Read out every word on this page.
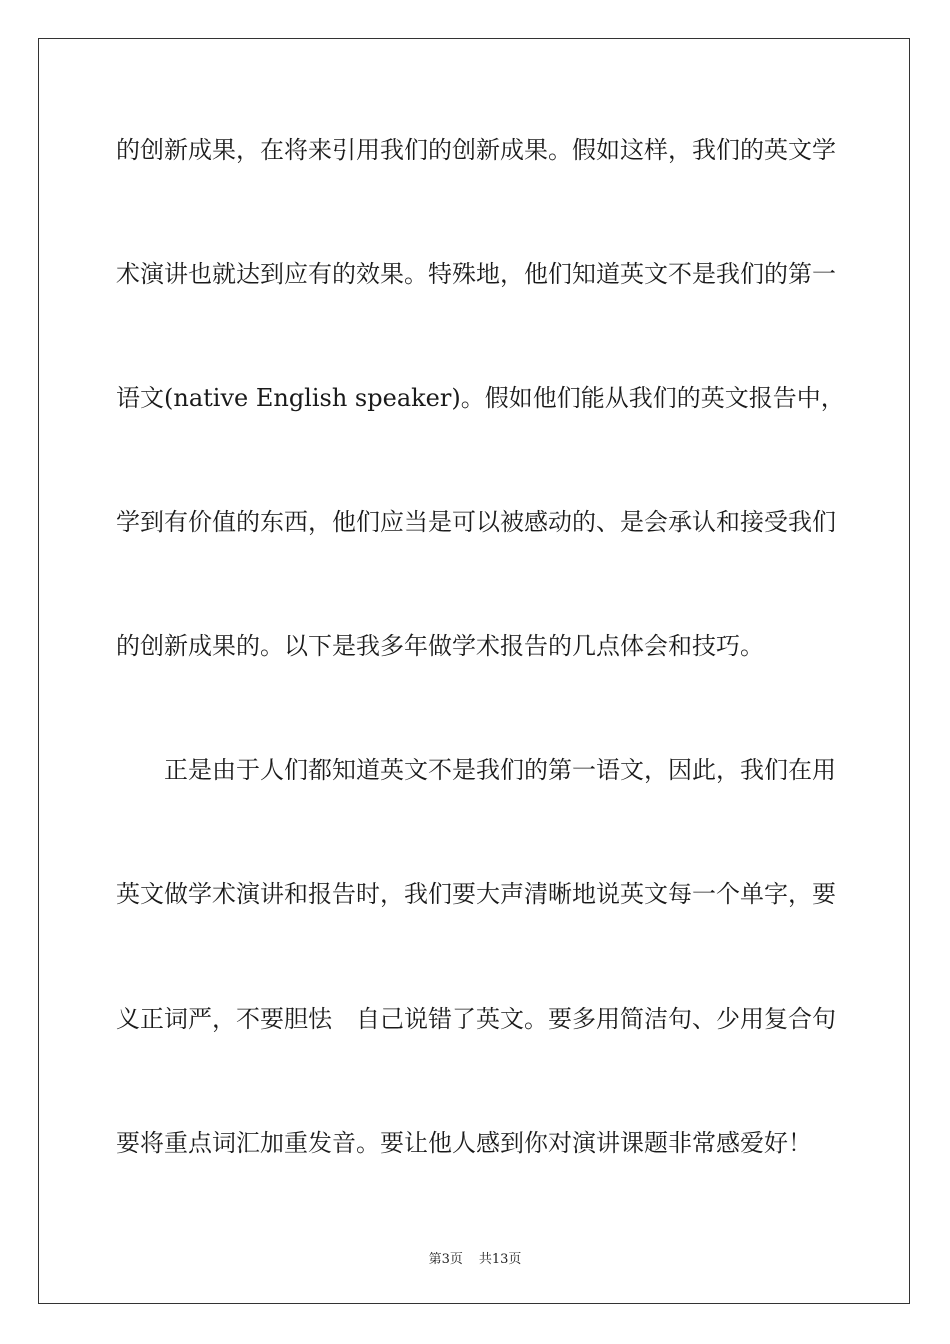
的创新成果，在将来引用我们的创新成果。假如这样，我们的英文学

术演讲也就达到应有的效果。特殊地，他们知道英文不是我们的第一

语文(native English speaker)。假如他们能从我们的英文报告中，

学到有价值的东西，他们应当是可以被感动的、是会承认和接受我们

的创新成果的。以下是我多年做学术报告的几点体会和技巧。

　　正是由于人们都知道英文不是我们的第一语文，因此，我们在用

英文做学术演讲和报告时，我们要大声清晰地说英文每一个单字，要

义正词严，不要胆怯　自己说错了英文。要多用简洁句、少用复合句

要将重点词汇加重发音。要让他人感到你对演讲课题非常感爱好！

第3页 共13页
